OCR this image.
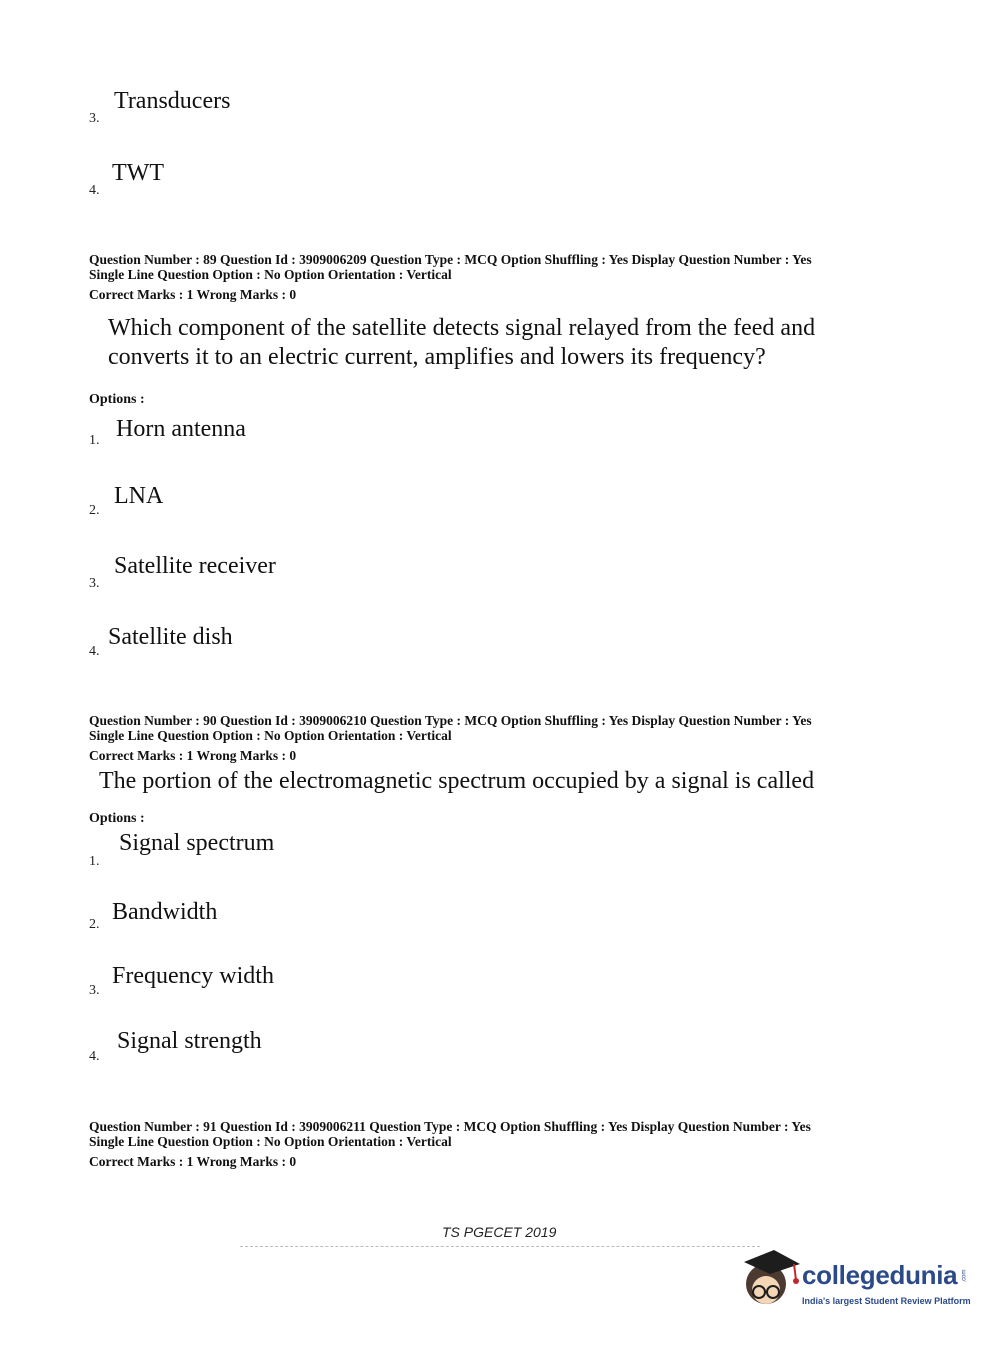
3.
Transducers
4.
TWT
Question Number : 89 Question Id : 3909006209 Question Type : MCQ Option Shuffling : Yes Display Question Number : Yes
Single Line Question Option : No Option Orientation : Vertical
Correct Marks : 1 Wrong Marks : 0
Which component of the satellite detects signal relayed from the feed and
converts it to an electric current, amplifies and lowers its frequency?
Options :
1. Horn antenna
2.
LNA
3.
Satellite receiver
4.
Satellite dish
Question Number : 90 Question Id : 3909006210 Question Type : MCQ Option Shuffling : Yes Display Question Number : Yes
Single Line Question Option : No Option Orientation : Vertical
Correct Marks : 1 Wrong Marks : 0
The portion of the electromagnetic spectrum occupied by a signal is called
Options :
1.
Signal spectrum
2. Bandwidth
3.
Frequency width
4.
Signal strength
Question Number : 91 Question Id : 3909006211 Question Type : MCQ Option Shuffling : Yes Display Question Number : Yes
Single Line Question Option : No Option Orientation : Vertical
Correct Marks : 1 Wrong Marks : 0
TS PGECET 2019
collegedunia .com
India's largest Student Review Platform
